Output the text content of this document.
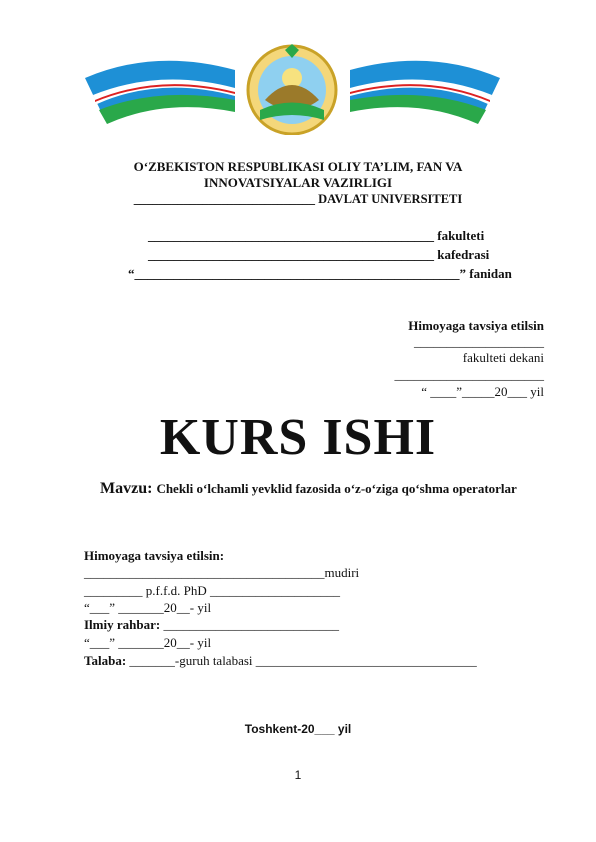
O‘ZBEKISTON RESPUBLIKASI OLIY TA’LIM, FAN VA
INNOVATSIYALAR VAZIRLIGI
_____________________________ DAVLAT UNIVERSITETI
____________________________________________ fakulteti
____________________________________________ kafedrasi
“__________________________________________________” fanidan
Himoyaga tavsiya etilsin
____________________
fakulteti dekani
_______________________
“ ____”_____20___ yil
KURS ISHI
Mavzu: Chekli o‘lchamli yevklid fazosida o‘z-o‘ziga qo‘shma operatorlar
Himoyaga tavsiya etilsin:
_____________________________________mudiri
_________ p.f.f.d. PhD ____________________
“___” _______20__- yil
Ilmiy rahbar: ___________________________
“___” _______20__- yil
Talaba: _______-guruh talabasi __________________________________
Toshkent-20___ yil
1
